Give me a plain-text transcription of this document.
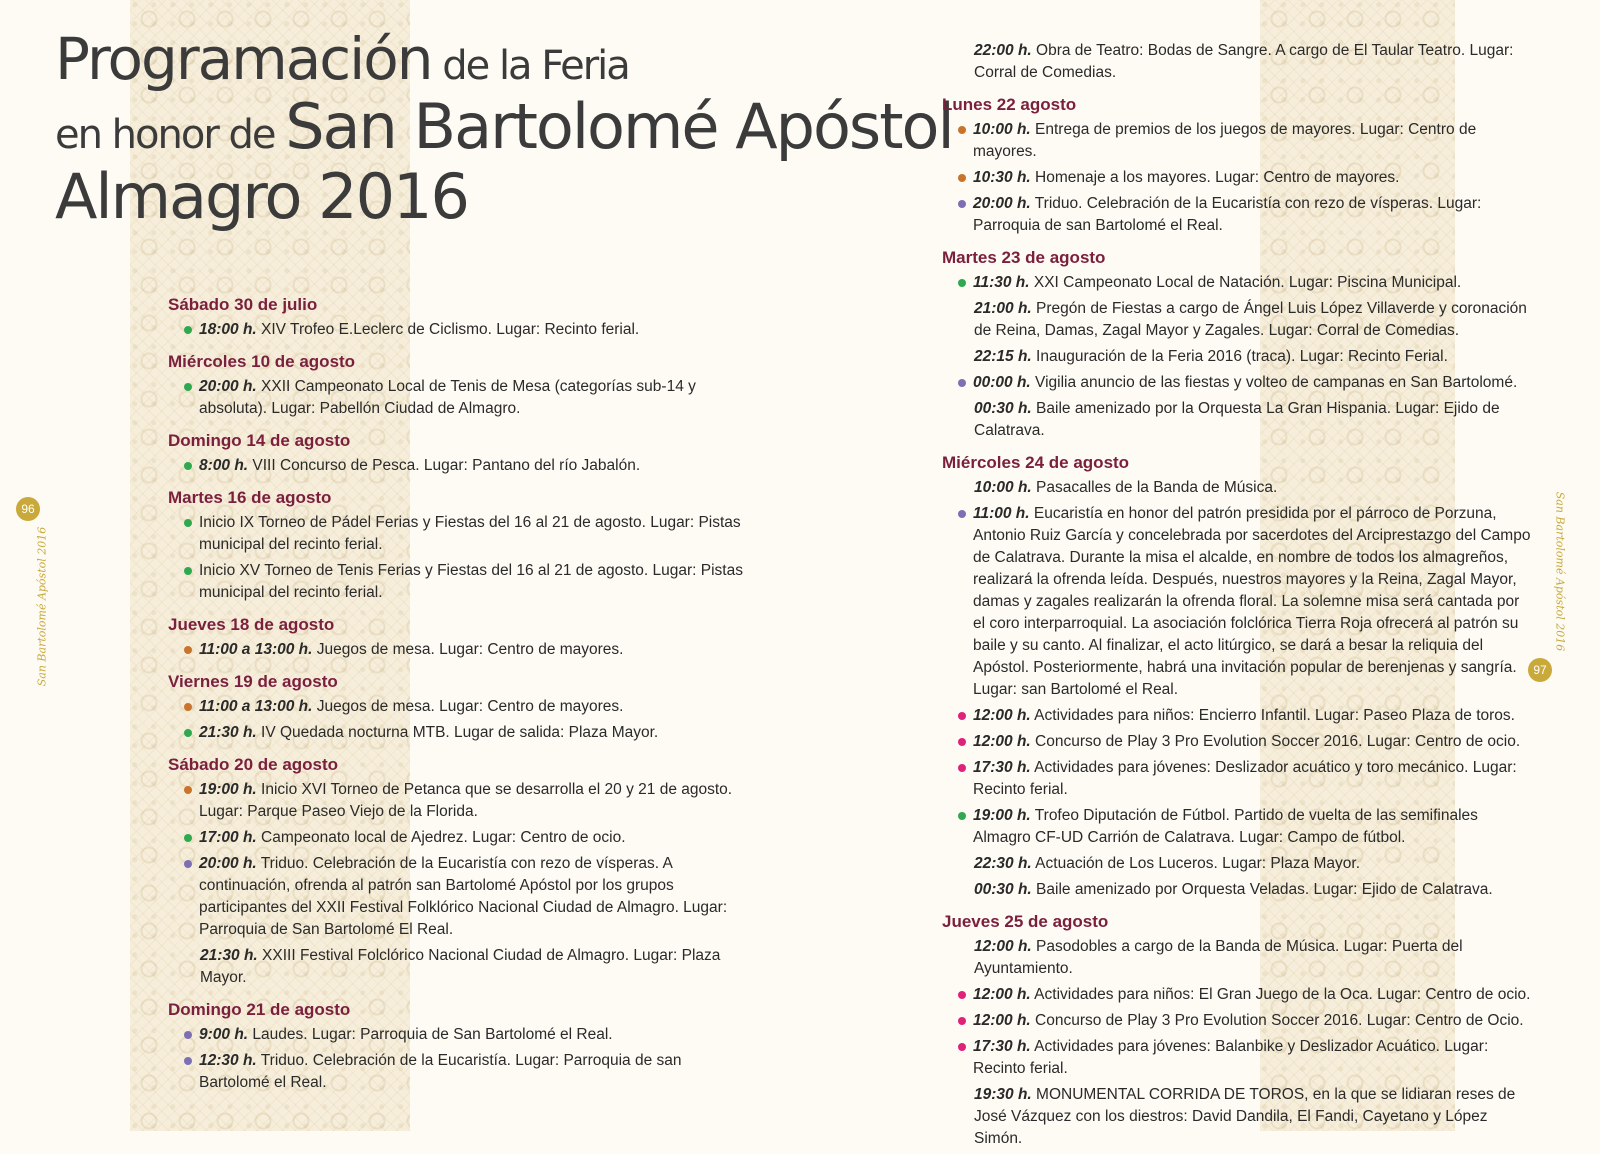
Programación de la Feria
en honor de San Bartolomé Apóstol
Almagro 2016
Sábado 30 de julio
18:00 h. XIV Trofeo E.Leclerc de Ciclismo. Lugar: Recinto ferial.
Miércoles 10 de agosto
20:00 h. XXII Campeonato Local de Tenis de Mesa (categorías sub-14 y absoluta). Lugar: Pabellón Ciudad de Almagro.
Domingo 14 de agosto
8:00 h. VIII Concurso de Pesca. Lugar: Pantano del río Jabalón.
Martes 16 de agosto
Inicio IX Torneo de Pádel Ferias y Fiestas del 16 al 21 de agosto. Lugar: Pistas municipal del recinto ferial.
Inicio XV Torneo de Tenis Ferias y Fiestas del 16 al 21 de agosto. Lugar: Pistas municipal del recinto ferial.
Jueves 18 de agosto
11:00 a 13:00 h. Juegos de mesa. Lugar: Centro de mayores.
Viernes 19 de agosto
11:00 a 13:00 h. Juegos de mesa. Lugar: Centro de mayores.
21:30 h. IV Quedada nocturna MTB. Lugar de salida: Plaza Mayor.
Sábado 20 de agosto
19:00 h. Inicio XVI Torneo de Petanca que se desarrolla el 20 y 21 de agosto. Lugar: Parque Paseo Viejo de la Florida.
17:00 h. Campeonato local de Ajedrez. Lugar: Centro de ocio.
20:00 h. Triduo. Celebración de la Eucaristía con rezo de vísperas. A continuación, ofrenda al patrón san Bartolomé Apóstol por los grupos participantes del XXII Festival Folklórico Nacional Ciudad de Almagro. Lugar: Parroquia de San Bartolomé El Real.
21:30 h. XXIII Festival Folclórico Nacional Ciudad de Almagro. Lugar: Plaza Mayor.
Domingo 21 de agosto
9:00 h. Laudes. Lugar: Parroquia de San Bartolomé el Real.
12:30 h. Triduo. Celebración de la Eucaristía. Lugar: Parroquia de san Bartolomé el Real.
22:00 h. Obra de Teatro: Bodas de Sangre. A cargo de El Taular Teatro. Lugar: Corral de Comedias.
Lunes 22 agosto
10:00 h. Entrega de premios de los juegos de mayores. Lugar: Centro de mayores.
10:30 h. Homenaje a los mayores. Lugar: Centro de mayores.
20:00 h. Triduo. Celebración de la Eucaristía con rezo de vísperas. Lugar: Parroquia de san Bartolomé el Real.
Martes 23 de agosto
11:30 h. XXI Campeonato Local de Natación. Lugar: Piscina Municipal.
21:00 h. Pregón de Fiestas a cargo de Ángel Luis López Villaverde y coronación de Reina, Damas, Zagal Mayor y Zagales. Lugar: Corral de Comedias.
22:15 h. Inauguración de la Feria 2016 (traca). Lugar: Recinto Ferial.
00:00 h. Vigilia anuncio de las fiestas y volteo de campanas en San Bartolomé.
00:30 h. Baile amenizado por la Orquesta La Gran Hispania. Lugar: Ejido de Calatrava.
Miércoles 24 de agosto
10:00 h. Pasacalles de la Banda de Música.
11:00 h. Eucaristía en honor del patrón presidida por el párroco de Porzuna, Antonio Ruiz García y concelebrada por sacerdotes del Arciprestazgo del Campo de Calatrava. Durante la misa el alcalde, en nombre de todos los almagreños, realizará la ofrenda leída. Después, nuestros mayores y la Reina, Zagal Mayor, damas y zagales realizarán la ofrenda floral. La solemne misa será cantada por el coro interparroquial. La asociación folclórica Tierra Roja ofrecerá al patrón su baile y su canto. Al finalizar, el acto litúrgico, se dará a besar la reliquia del Apóstol. Posteriormente, habrá una invitación popular de berenjenas y sangría. Lugar: san Bartolomé el Real.
12:00 h. Actividades para niños: Encierro Infantil. Lugar: Paseo Plaza de toros.
12:00 h. Concurso de Play 3 Pro Evolution Soccer 2016. Lugar: Centro de ocio.
17:30 h. Actividades para jóvenes: Deslizador acuático y toro mecánico. Lugar: Recinto ferial.
19:00 h. Trofeo Diputación de Fútbol. Partido de vuelta de las semifinales Almagro CF-UD Carrión de Calatrava. Lugar: Campo de fútbol.
22:30 h. Actuación de Los Luceros. Lugar: Plaza Mayor.
00:30 h. Baile amenizado por Orquesta Veladas. Lugar: Ejido de Calatrava.
Jueves 25 de agosto
12:00 h. Pasodobles a cargo de la Banda de Música. Lugar: Puerta del Ayuntamiento.
12:00 h. Actividades para niños: El Gran Juego de la Oca. Lugar: Centro de ocio.
12:00 h. Concurso de Play 3 Pro Evolution Soccer 2016. Lugar: Centro de Ocio.
17:30 h. Actividades para jóvenes: Balanbike y Deslizador Acuático. Lugar: Recinto ferial.
19:30 h. MONUMENTAL CORRIDA DE TOROS, en la que se lidiaran reses de José Vázquez con los diestros: David Dandila, El Fandi, Cayetano y López Simón.
96
97
San Bartolomé Apóstol 2016	San Bartolomé Apóstol 2016
